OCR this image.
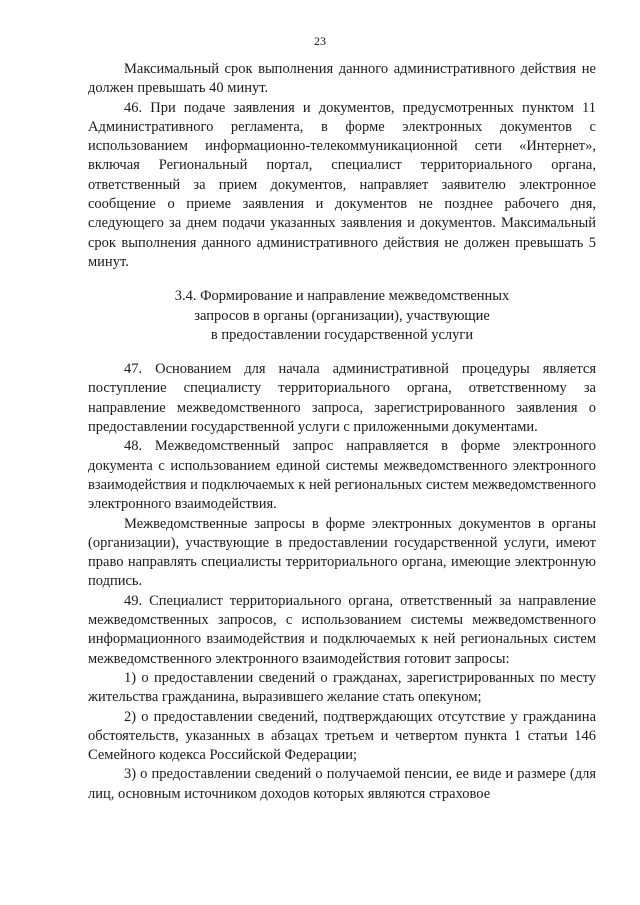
23

Максимальный срок выполнения данного административного действия не должен превышать 40 минут.

46. При подаче заявления и документов, предусмотренных пунктом 11 Административного регламента, в форме электронных документов с использованием информационно-телекоммуникационной сети «Интернет», включая Региональный портал, специалист территориального органа, ответственный за прием документов, направляет заявителю электронное сообщение о приеме заявления и документов не позднее рабочего дня, следующего за днем подачи указанных заявления и документов. Максимальный срок выполнения данного административного действия не должен превышать 5 минут.

3.4. Формирование и направление межведомственных
запросов в органы (организации), участвующие
в предоставлении государственной услуги

47. Основанием для начала административной процедуры является поступление специалисту территориального органа, ответственному за направление межведомственного запроса, зарегистрированного заявления о предоставлении государственной услуги с приложенными документами.

48. Межведомственный запрос направляется в форме электронного документа с использованием единой системы межведомственного электронного взаимодействия и подключаемых к ней региональных систем межведомственного электронного взаимодействия.

Межведомственные запросы в форме электронных документов в органы (организации), участвующие в предоставлении государственной услуги, имеют право направлять специалисты территориального органа, имеющие электронную подпись.

49. Специалист территориального органа, ответственный за направление межведомственных запросов, с использованием системы межведомственного информационного взаимодействия и подключаемых к ней региональных систем межведомственного электронного взаимодействия готовит запросы:

1) о предоставлении сведений о гражданах, зарегистрированных по месту жительства гражданина, выразившего желание стать опекуном;

2) о предоставлении сведений, подтверждающих отсутствие у гражданина обстоятельств, указанных в абзацах третьем и четвертом пункта 1 статьи 146 Семейного кодекса Российской Федерации;

3) о предоставлении сведений о получаемой пенсии, ее виде и размере (для лиц, основным источником доходов которых являются страховое
